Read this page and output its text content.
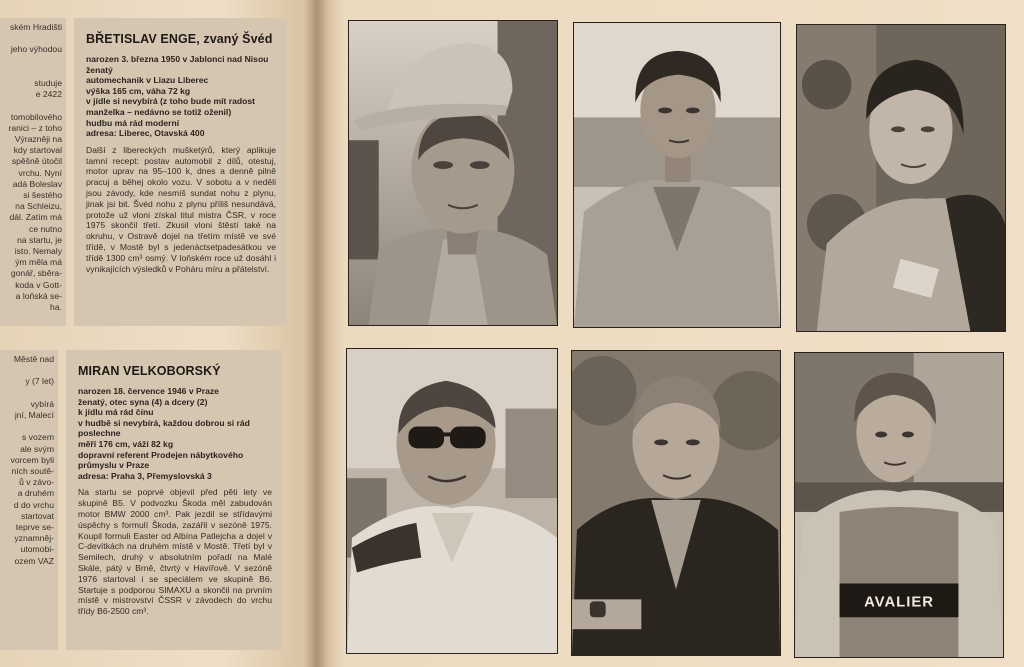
ském Hradišti

jeho výhodou

studuje
e 2422

tomobilového
ranici – z toho
Výrazněji na
kdy startoval
spěšně útočil
vrchu. Nyní
adá Boleslav
si šestého
na Schleizu,
dál. Zatím má
ce nutno
na startu, je
isto. Nemaly
ým měla má
gonář, sběra-
koda v Gott-
a loňská se-
ha.
Městě nad

y (7 let)

vybírá
jní, Malecí

s vozem
ale svým
vorcem byli
ních soutě-
ů v závo-
a druhém
d do vrchu
startovat
teprve se-
yznamněj-
utomobi-
ozem VAZ
BŘETISLAV ENGE, zvaný Švéd
narozen 3. března 1950 v Jablonci nad Nisou
ženatý
automechanik v Liazu Liberec
výška 165 cm, váha 72 kg
v jídle si nevybírá (z toho bude mít radost
manželka – nedávno se totiž oženil)
hudbu má rád moderní
adresa: Liberec, Otavská 400
Další z libereckých mušketýrů, který aplikuje tamní recept: postav automobil z dílů, otestuj, motor uprav na 95–100 k, dnes a denně pilně pracuj a běhej okolo vozu. V sobotu a v neděli jsou závody, kde nesmíš sundat nohu z plynu, jinak jsi bit. Švéd nohu z plynu příliš nesundává, protože už vloni získal titul mistra ČSR, v roce 1975 skončil třetí. Zkusil vloni štěstí také na okruhu, v Ostravě dojel na třetím místě ve své třídě, v Mostě byl s jedenáctsetpadesátkou ve třídě 1300 cm³ osmý. V loňském roce už dosáhl i vynikajících výsledků v Poháru míru a přátelství.
MIRAN VELKOBORSKÝ
narozen 18. července 1946 v Praze
ženatý, otec syna (4) a dcery (2)
k jídlu má rád čínu
v hudbě si nevybírá, každou dobrou si rád
poslechne
měří 176 cm, váží 82 kg
dopravní referent Prodejen nábytkového
průmyslu v Praze
adresa: Praha 3, Přemyslovská 3
Na startu se poprvé objevil před pěti lety ve skupině B5. V podvozku Škoda měl zabudován motor BMW 2000 cm³. Pak jezdil se střídavými úspěchy s formulí Škoda, zazářil v sezóně 1975. Koupil formuli Easter od Albína Patlejcha a dojel v C-devítkách na druhém místě v Mostě. Třetí byl v Semilech, druhý v absolutním pořadí na Malé Skále, pátý v Brně, čtvrtý v Havířově. V sezóně 1976 startoval i se speciálem ve skupině B6. Startuje s podporou SIMAXU a skončil na prvním místě v mistrovství ČSSR v závodech do vrchu třídy B6-2500 cm³.
AVALIER
